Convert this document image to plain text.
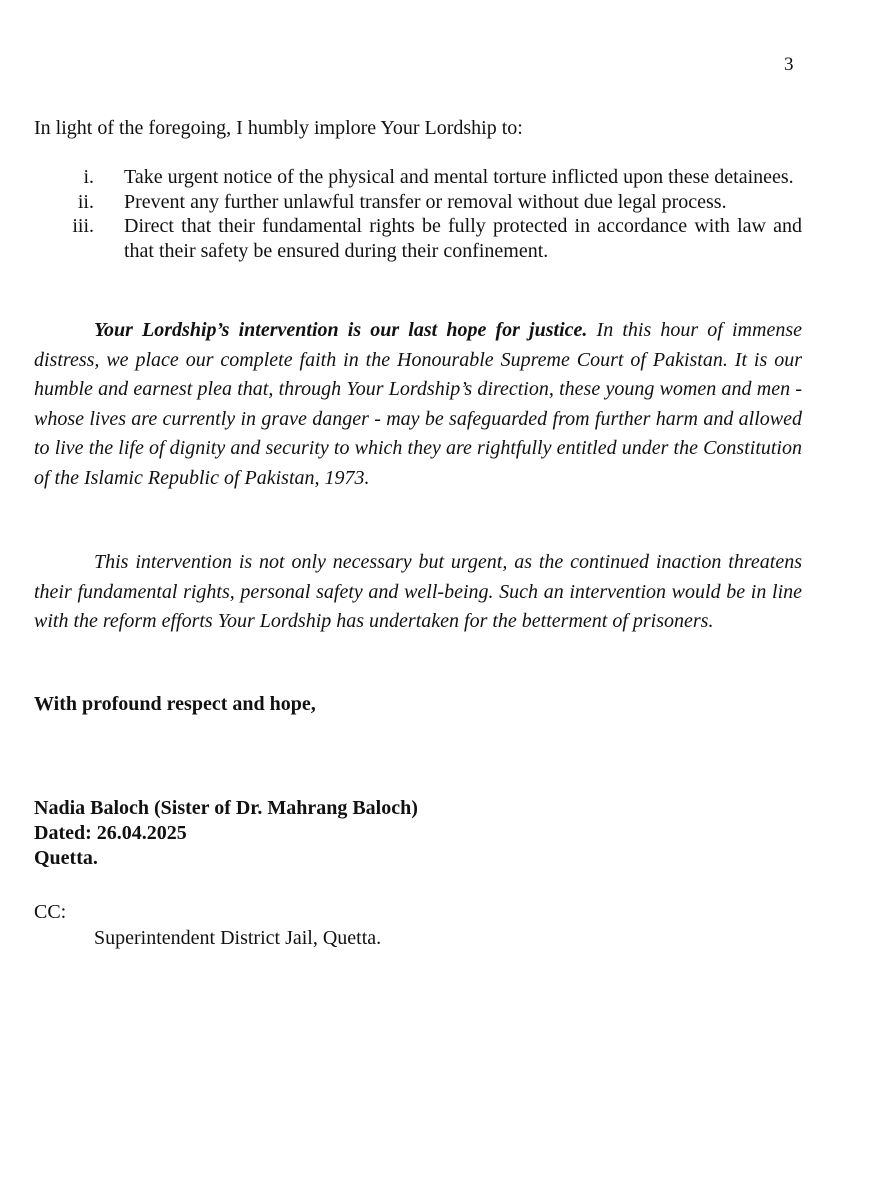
3

In light of the foregoing, I humbly implore Your Lordship to:

i.	Take urgent notice of the physical and mental torture inflicted upon these detainees.
ii.	Prevent any further unlawful transfer or removal without due legal process.
iii.	Direct that their fundamental rights be fully protected in accordance with law and that their safety be ensured during their confinement.

Your Lordship’s intervention is our last hope for justice. In this hour of immense distress, we place our complete faith in the Honourable Supreme Court of Pakistan. It is our humble and earnest plea that, through Your Lordship’s direction, these young women and men - whose lives are currently in grave danger - may be safeguarded from further harm and allowed to live the life of dignity and security to which they are rightfully entitled under the Constitution of the Islamic Republic of Pakistan, 1973.

This intervention is not only necessary but urgent, as the continued inaction threatens their fundamental rights, personal safety and well-being. Such an intervention would be in line with the reform efforts Your Lordship has undertaken for the betterment of prisoners.

With profound respect and hope,

Nadia Baloch (Sister of Dr. Mahrang Baloch)
Dated: 26.04.2025
Quetta.

CC:

Superintendent District Jail, Quetta.
